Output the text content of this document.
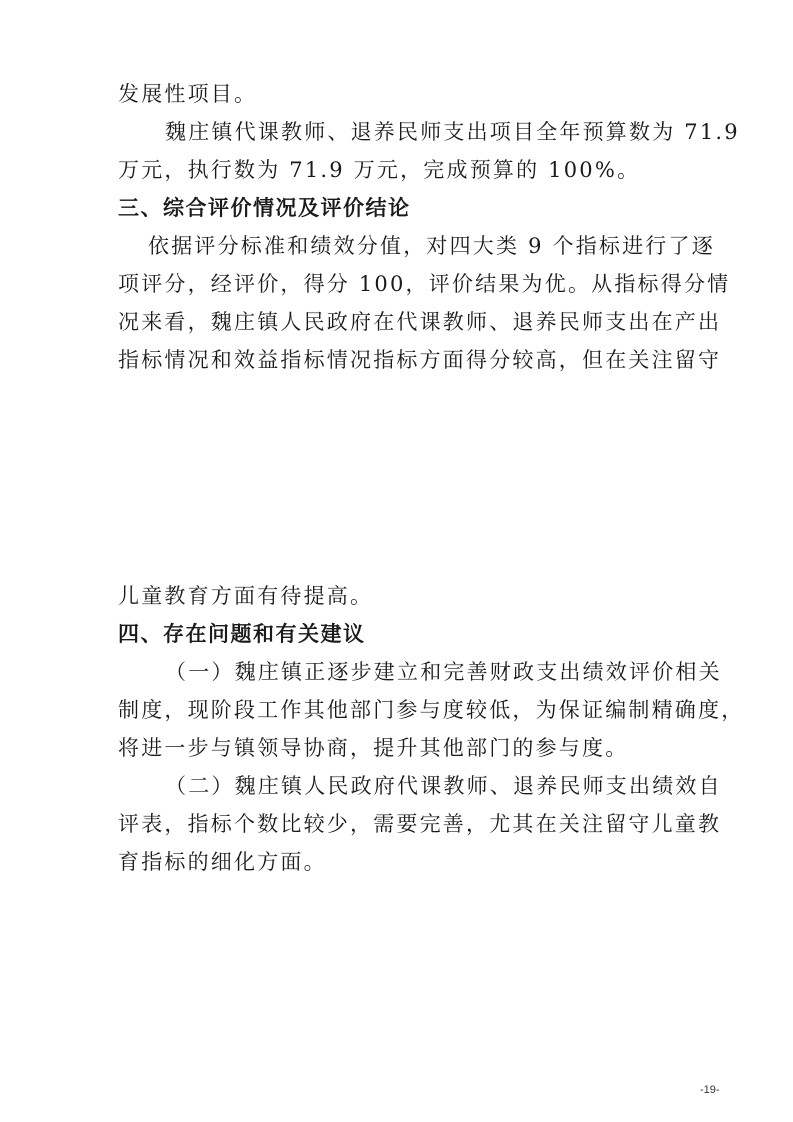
发展性项目。
魏庄镇代课教师、退养民师支出项目全年预算数为 71.9
万元，执行数为 71.9 万元，完成预算的 100%。
三、综合评价情况及评价结论
依据评分标准和绩效分值，对四大类 9 个指标进行了逐
项评分，经评价，得分 100，评价结果为优。从指标得分情
况来看，魏庄镇人民政府在代课教师、退养民师支出在产出
指标情况和效益指标情况指标方面得分较高，但在关注留守
儿童教育方面有待提高。
四、存在问题和有关建议
（一）魏庄镇正逐步建立和完善财政支出绩效评价相关
制度，现阶段工作其他部门参与度较低，为保证编制精确度，
将进一步与镇领导协商，提升其他部门的参与度。
（二）魏庄镇人民政府代课教师、退养民师支出绩效自
评表，指标个数比较少，需要完善，尤其在关注留守儿童教
育指标的细化方面。
-19-
